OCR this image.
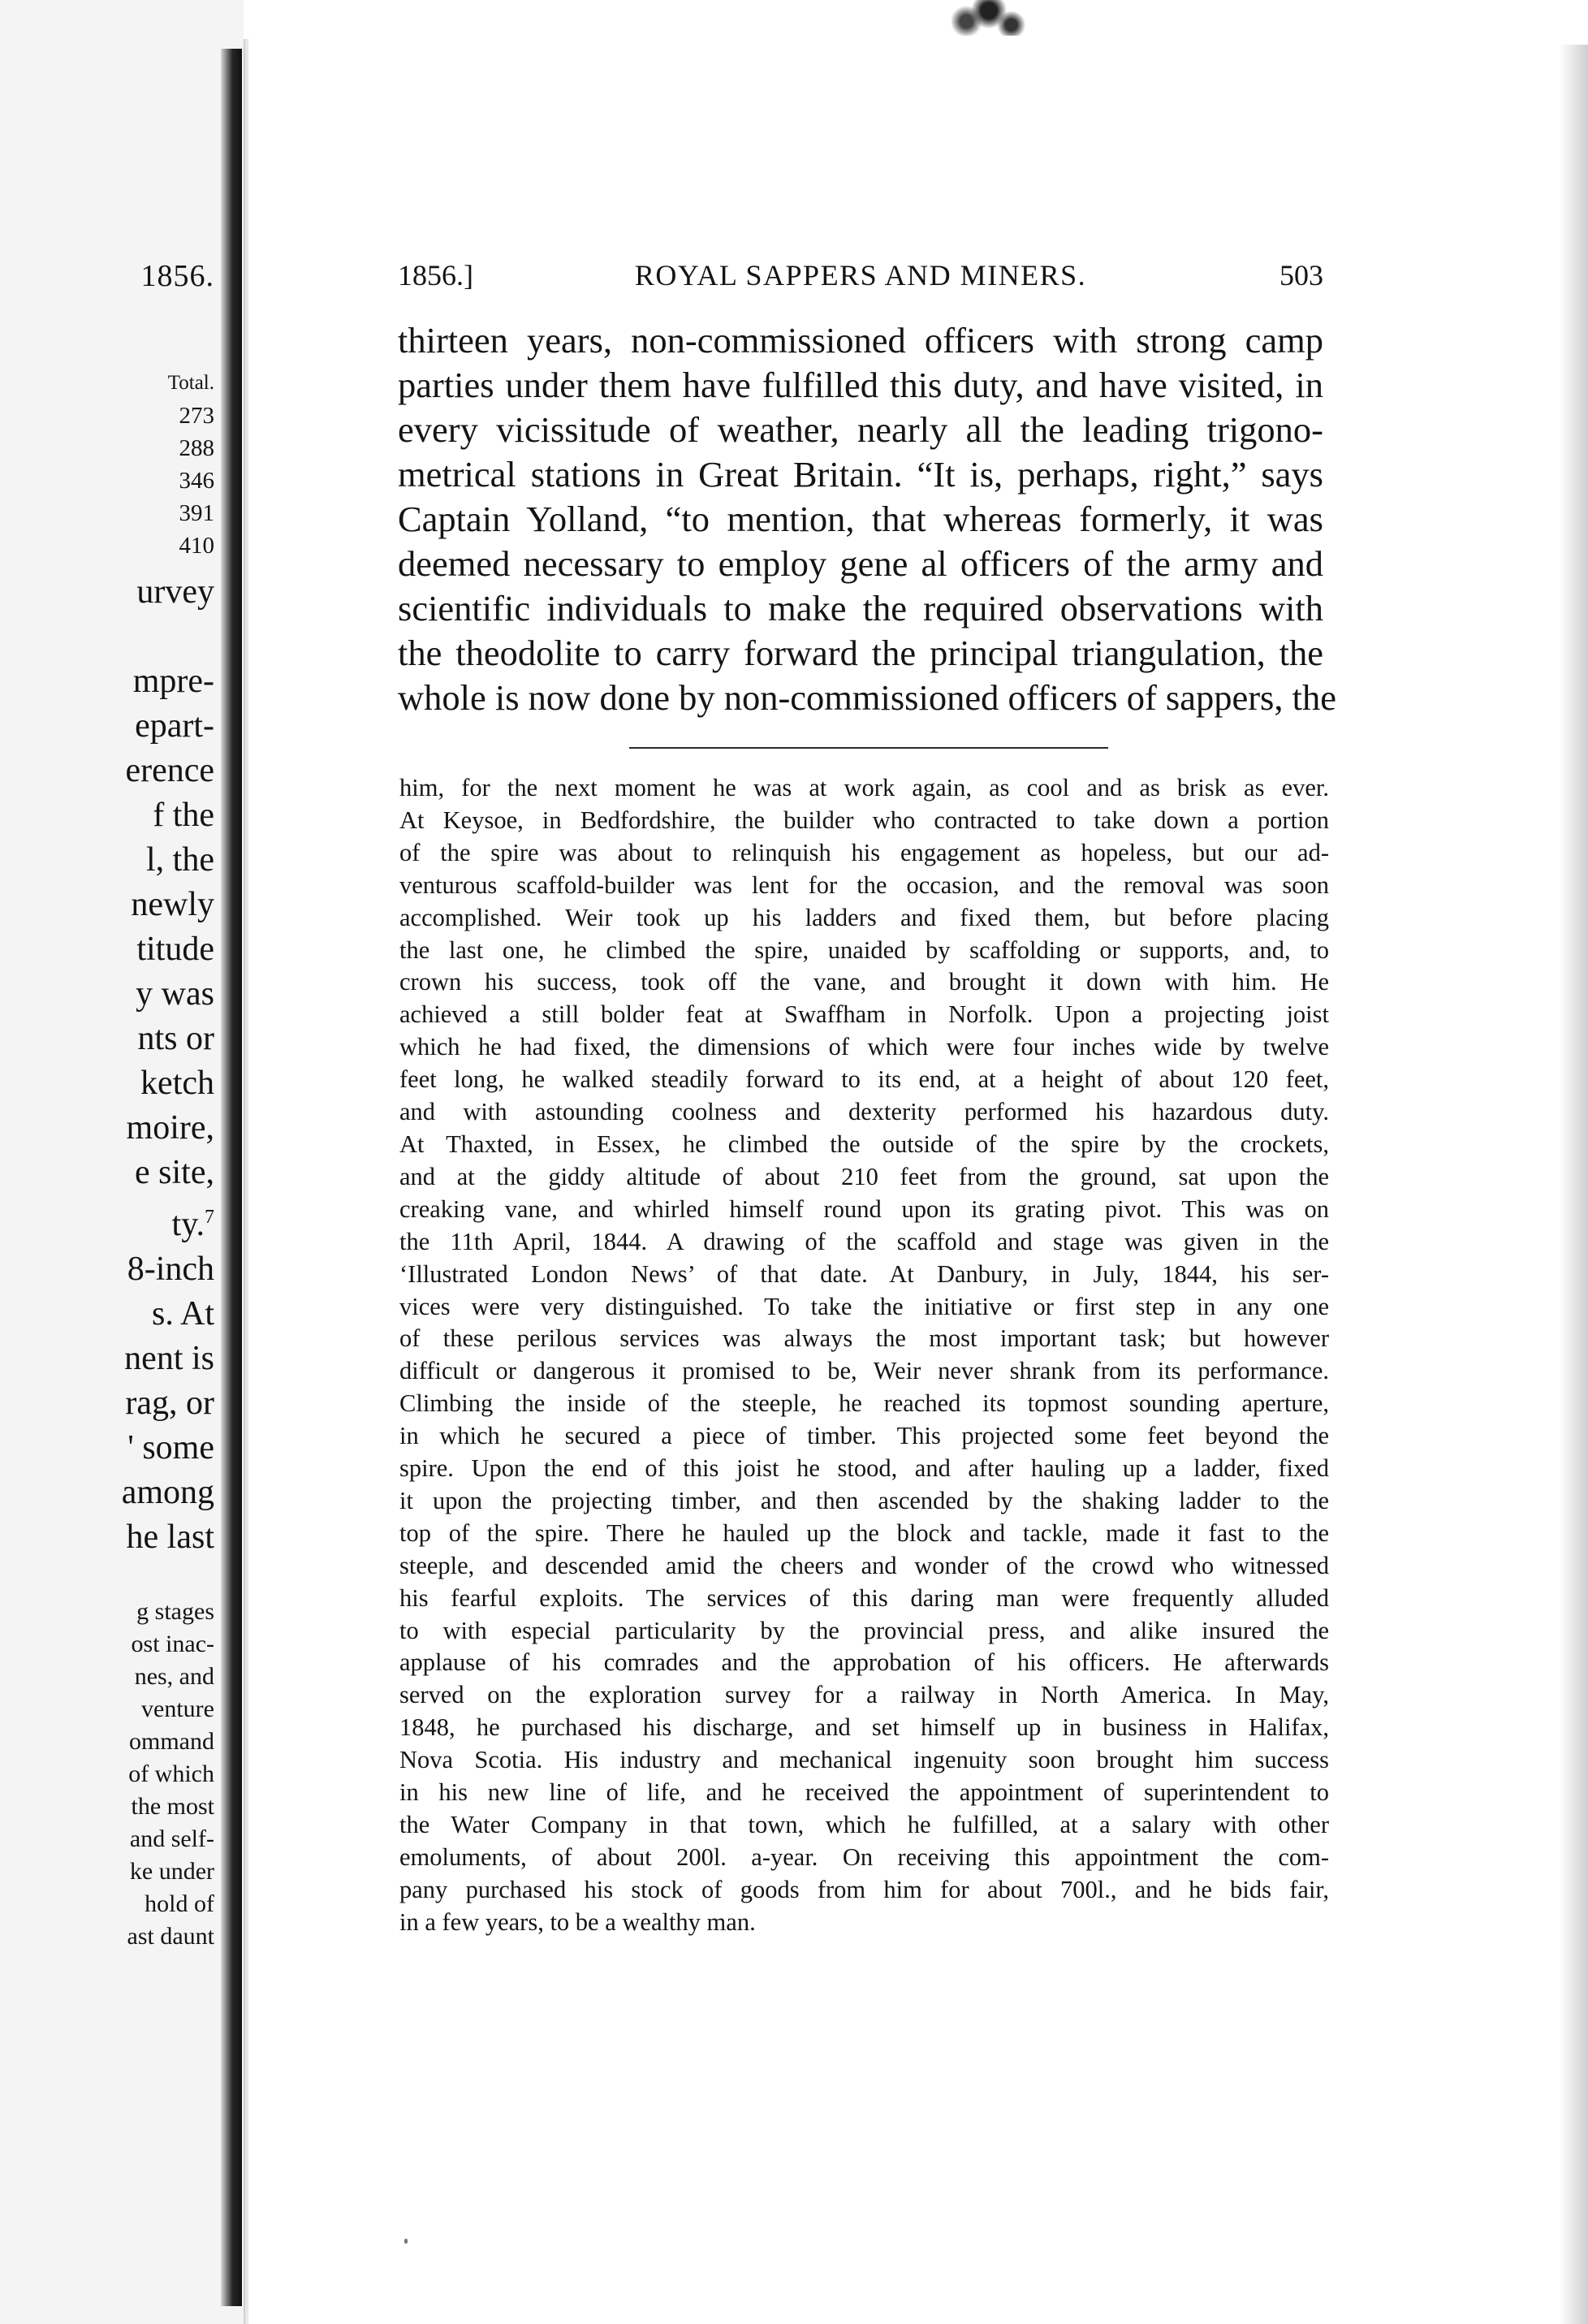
1856.
Total.
273
288
346
391
410
urvey

mpre-
epart-
erence
f the
l, the
newly
titude
y was
nts or
ketch
moire,
e site,
ty.$^7$
8-inch
s. At
nent is
rag, or
' some
among
he last
g stages
ost inac-
nes, and
venture
ommand
of which
the most
and self-
ke under
hold of
ast daunt
1856.]	ROYAL SAPPERS AND MINERS.	503
thirteen years, non-commissioned officers with strong camp
parties under them have fulfilled this duty, and have visited, in
every vicissitude of weather, nearly all the leading trigono-
metrical stations in Great Britain. “It is, perhaps, right,” says
Captain Yolland, “to mention, that whereas formerly, it was
deemed necessary to employ gene al officers of the army and
scientific individuals to make the required observations with
the theodolite to carry forward the principal triangulation, the
whole is now done by non-commissioned officers of sappers, the
him, for the next moment he was at work again, as cool and as brisk as ever.
At Keysoe, in Bedfordshire, the builder who contracted to take down a portion
of the spire was about to relinquish his engagement as hopeless, but our ad-
venturous scaffold-builder was lent for the occasion, and the removal was soon
accomplished. Weir took up his ladders and fixed them, but before placing
the last one, he climbed the spire, unaided by scaffolding or supports, and, to
crown his success, took off the vane, and brought it down with him. He
achieved a still bolder feat at Swaffham in Norfolk. Upon a projecting joist
which he had fixed, the dimensions of which were four inches wide by twelve
feet long, he walked steadily forward to its end, at a height of about 120 feet,
and with astounding coolness and dexterity performed his hazardous duty.
At Thaxted, in Essex, he climbed the outside of the spire by the crockets,
and at the giddy altitude of about 210 feet from the ground, sat upon the
creaking vane, and whirled himself round upon its grating pivot. This was on
the 11th April, 1844. A drawing of the scaffold and stage was given in the
‘Illustrated London News’ of that date. At Danbury, in July, 1844, his ser-
vices were very distinguished. To take the initiative or first step in any one
of these perilous services was always the most important task; but however
difficult or dangerous it promised to be, Weir never shrank from its performance.
Climbing the inside of the steeple, he reached its topmost sounding aperture,
in which he secured a piece of timber. This projected some feet beyond the
spire. Upon the end of this joist he stood, and after hauling up a ladder, fixed
it upon the projecting timber, and then ascended by the shaking ladder to the
top of the spire. There he hauled up the block and tackle, made it fast to the
steeple, and descended amid the cheers and wonder of the crowd who witnessed
his fearful exploits. The services of this daring man were frequently alluded
to with especial particularity by the provincial press, and alike insured the
applause of his comrades and the approbation of his officers. He afterwards
served on the exploration survey for a railway in North America. In May,
1848, he purchased his discharge, and set himself up in business in Halifax,
Nova Scotia. His industry and mechanical ingenuity soon brought him success
in his new line of life, and he received the appointment of superintendent to
the Water Company in that town, which he fulfilled, at a salary with other
emoluments, of about 200l. a-year. On receiving this appointment the com-
pany purchased his stock of goods from him for about 700l., and he bids fair,
in a few years, to be a wealthy man.
